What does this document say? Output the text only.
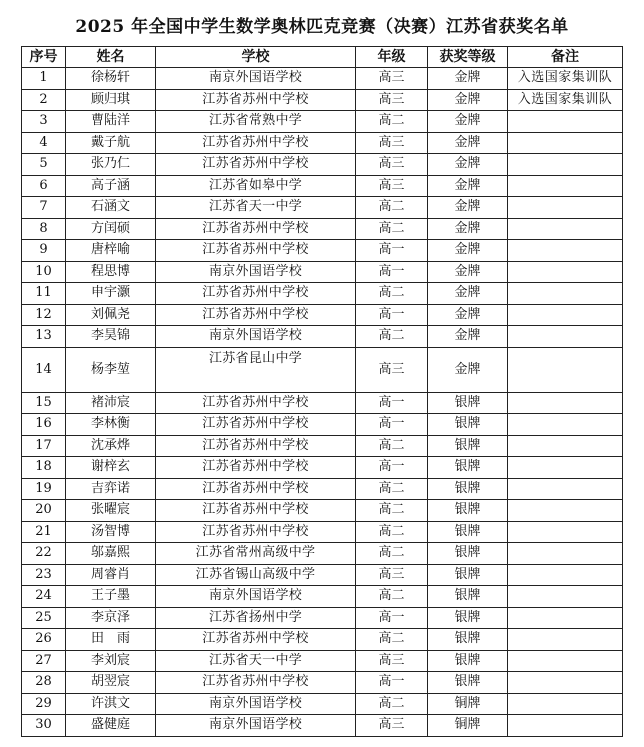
2025 年全国中学生数学奥林匹克竞赛（决赛）江苏省获奖名单
序号	姓名	学校	年级	获奖等级	备注
1	徐杨轩	南京外国语学校	高三	金牌	入选国家集训队
2	顾归琪	江苏省苏州中学校	高三	金牌	入选国家集训队
3	曹陆洋	江苏省常熟中学	高二	金牌	
4	戴子航	江苏省苏州中学校	高三	金牌	
5	张乃仁	江苏省苏州中学校	高三	金牌	
6	高子涵	江苏省如皋中学	高三	金牌	
7	石涵文	江苏省天一中学	高二	金牌	
8	方闰硕	江苏省苏州中学校	高二	金牌	
9	唐梓喻	江苏省苏州中学校	高一	金牌	
10	程思博	南京外国语学校	高一	金牌	
11	申宇灏	江苏省苏州中学校	高二	金牌	
12	刘佩尧	江苏省苏州中学校	高一	金牌	
13	李昊锦	南京外国语学校	高二	金牌	
14	杨李堃	江苏省昆山中学	高三	金牌	
15	褚沛宸	江苏省苏州中学校	高一	银牌	
16	李林衡	江苏省苏州中学校	高一	银牌	
17	沈承烨	江苏省苏州中学校	高二	银牌	
18	谢梓玄	江苏省苏州中学校	高一	银牌	
19	吉弈诺	江苏省苏州中学校	高二	银牌	
20	张曜宸	江苏省苏州中学校	高二	银牌	
21	汤智博	江苏省苏州中学校	高二	银牌	
22	邬嘉熙	江苏省常州高级中学	高二	银牌	
23	周睿肖	江苏省锡山高级中学	高三	银牌	
24	王子墨	南京外国语学校	高二	银牌	
25	李京泽	江苏省扬州中学	高一	银牌	
26	田　雨	江苏省苏州中学校	高二	银牌	
27	李刘宸	江苏省天一中学	高三	银牌	
28	胡翌宸	江苏省苏州中学校	高一	银牌	
29	许淇文	南京外国语学校	高二	铜牌	
30	盛健庭	南京外国语学校	高三	铜牌	
